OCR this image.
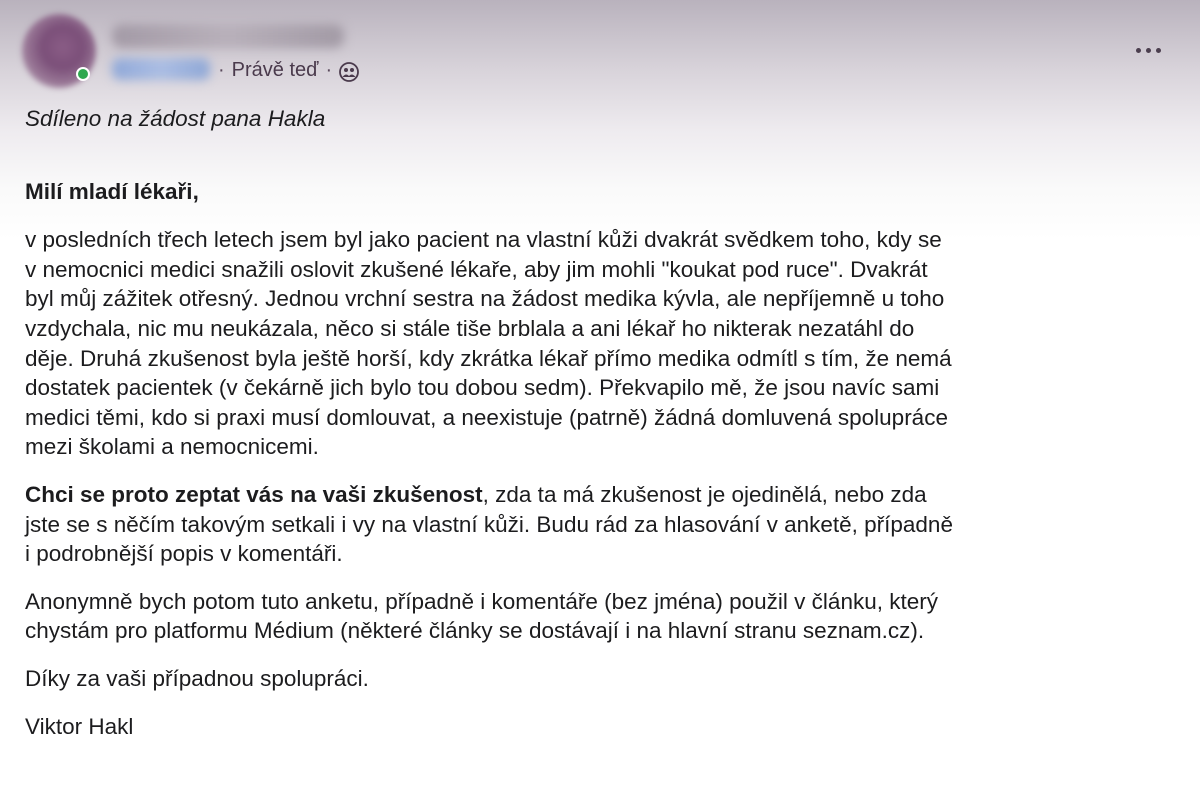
· Právě teď ·

Sdíleno na žádost pana Hakla

Milí mladí lékaři,

v posledních třech letech jsem byl jako pacient na vlastní kůži dvakrát svědkem toho, kdy se
v nemocnici medici snažili oslovit zkušené lékaře, aby jim mohli "koukat pod ruce". Dvakrát
byl můj zážitek otřesný. Jednou vrchní sestra na žádost medika kývla, ale nepříjemně u toho
vzdychala, nic mu neukázala, něco si stále tiše brblala a ani lékař ho nikterak nezatáhl do
děje. Druhá zkušenost byla ještě horší, kdy zkrátka lékař přímo medika odmítl s tím, že nemá
dostatek pacientek (v čekárně jich bylo tou dobou sedm). Překvapilo mě, že jsou navíc sami
medici těmi, kdo si praxi musí domlouvat, a neexistuje (patrně) žádná domluvená spolupráce
mezi školami a nemocnicemi.

Chci se proto zeptat vás na vaši zkušenost, zda ta má zkušenost je ojedinělá, nebo zda
jste se s něčím takovým setkali i vy na vlastní kůži. Budu rád za hlasování v anketě, případně
i podrobnější popis v komentáři.

Anonymně bych potom tuto anketu, případně i komentáře (bez jména) použil v článku, který
chystám pro platformu Médium (některé články se dostávají i na hlavní stranu seznam.cz).

Díky za vaši případnou spolupráci.

Viktor Hakl
